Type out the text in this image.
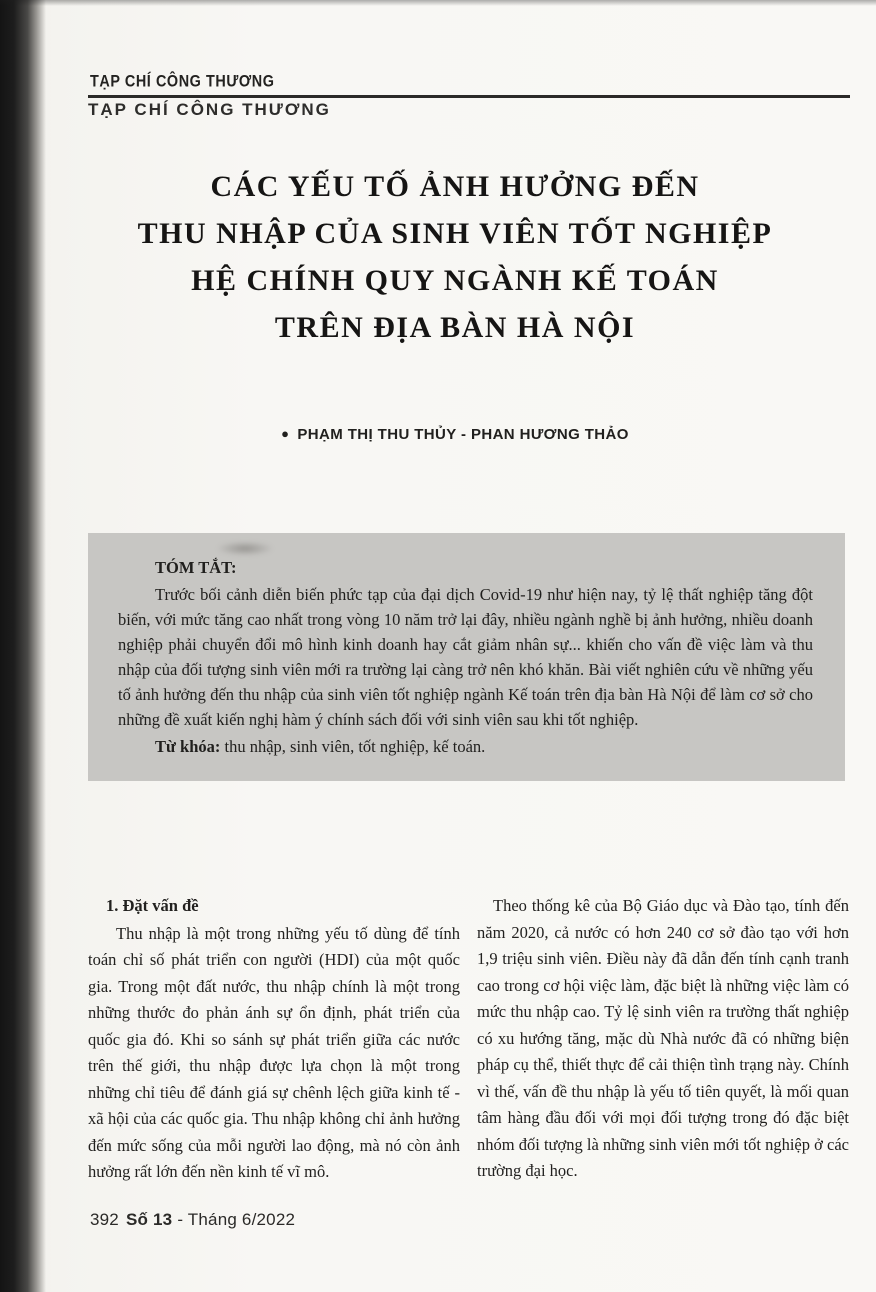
TẠP CHÍ CÔNG THƯƠNG
TẠP CHÍ CÔNG THƯƠNG
CÁC YẾU TỐ ẢNH HƯỞNG ĐẾN
THU NHẬP CỦA SINH VIÊN TỐT NGHIỆP
HỆ CHÍNH QUY NGÀNH KẾ TOÁN
TRÊN ĐỊA BÀN HÀ NỘI
● PHẠM THỊ THU THỦY - PHAN HƯƠNG THẢO

TÓM TẮT:

Trước bối cảnh diễn biến phức tạp của đại dịch Covid-19 như hiện nay, tỷ lệ thất nghiệp tăng đột biến, với mức tăng cao nhất trong vòng 10 năm trở lại đây, nhiều ngành nghề bị ảnh hưởng, nhiều doanh nghiệp phải chuyển đổi mô hình kinh doanh hay cắt giảm nhân sự... khiến cho vấn đề việc làm và thu nhập của đối tượng sinh viên mới ra trường lại càng trở nên khó khăn. Bài viết nghiên cứu về những yếu tố ảnh hưởng đến thu nhập của sinh viên tốt nghiệp ngành Kế toán trên địa bàn Hà Nội để làm cơ sở cho những đề xuất kiến nghị hàm ý chính sách đối với sinh viên sau khi tốt nghiệp.

Từ khóa: thu nhập, sinh viên, tốt nghiệp, kế toán.

1. Đặt vấn đề

Thu nhập là một trong những yếu tố dùng để tính toán chỉ số phát triển con người (HDI) của một quốc gia. Trong một đất nước, thu nhập chính là một trong những thước đo phản ánh sự ổn định, phát triển của quốc gia đó. Khi so sánh sự phát triển giữa các nước trên thế giới, thu nhập được lựa chọn là một trong những chỉ tiêu để đánh giá sự chênh lệch giữa kinh tế - xã hội của các quốc gia. Thu nhập không chỉ ảnh hưởng đến mức sống của mỗi người lao động, mà nó còn ảnh hưởng rất lớn đến nền kinh tế vĩ mô.

Theo thống kê của Bộ Giáo dục và Đào tạo, tính đến năm 2020, cả nước có hơn 240 cơ sở đào tạo với hơn 1,9 triệu sinh viên. Điều này đã dẫn đến tính cạnh tranh cao trong cơ hội việc làm, đặc biệt là những việc làm có mức thu nhập cao. Tỷ lệ sinh viên ra trường thất nghiệp có xu hướng tăng, mặc dù Nhà nước đã có những biện pháp cụ thể, thiết thực để cải thiện tình trạng này. Chính vì thế, vấn đề thu nhập là yếu tố tiên quyết, là mối quan tâm hàng đầu đối với mọi đối tượng trong đó đặc biệt nhóm đối tượng là những sinh viên mới tốt nghiệp ở các trường đại học.

392 Số 13 - Tháng 6/2022
